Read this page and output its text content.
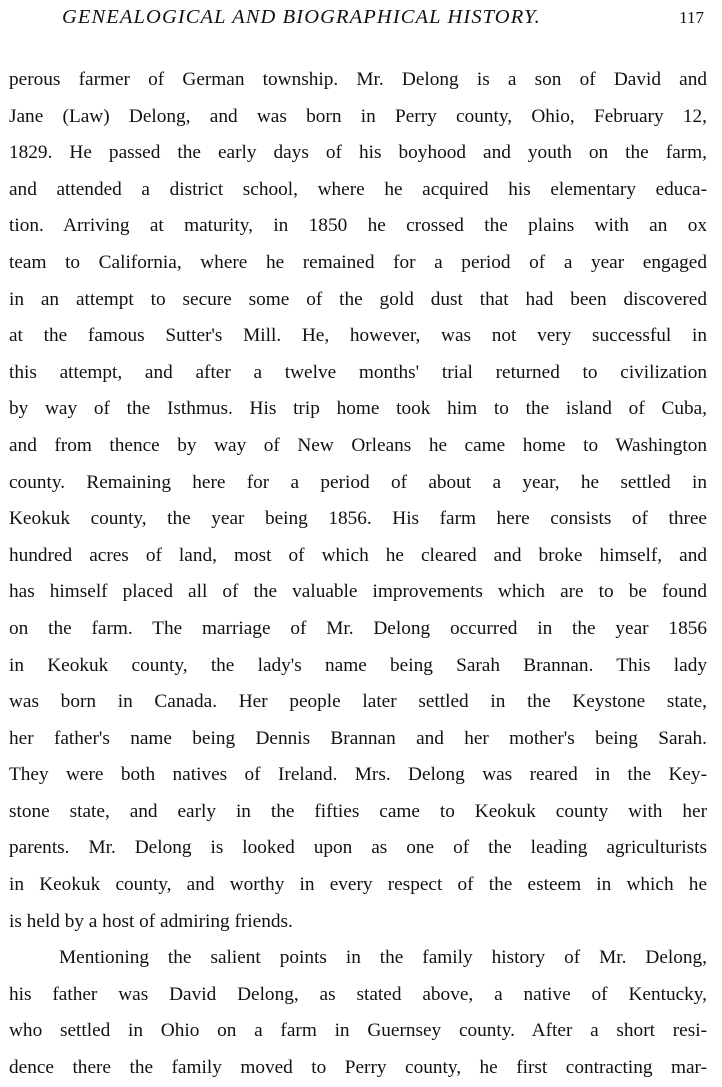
GENEALOGICAL AND BIOGRAPHICAL HISTORY.	117
perous farmer of German township. Mr. Delong is a son of David and
Jane (Law) Delong, and was born in Perry county, Ohio, February 12,
1829. He passed the early days of his boyhood and youth on the farm,
and attended a district school, where he acquired his elementary educa-
tion. Arriving at maturity, in 1850 he crossed the plains with an ox
team to California, where he remained for a period of a year engaged
in an attempt to secure some of the gold dust that had been discovered
at the famous Sutter's Mill. He, however, was not very successful in
this attempt, and after a twelve months' trial returned to civilization
by way of the Isthmus. His trip home took him to the island of Cuba,
and from thence by way of New Orleans he came home to Washington
county. Remaining here for a period of about a year, he settled in
Keokuk county, the year being 1856. His farm here consists of three
hundred acres of land, most of which he cleared and broke himself, and
has himself placed all of the valuable improvements which are to be found
on the farm. The marriage of Mr. Delong occurred in the year 1856
in Keokuk county, the lady's name being Sarah Brannan. This lady
was born in Canada. Her people later settled in the Keystone state,
her father's name being Dennis Brannan and her mother's being Sarah.
They were both natives of Ireland. Mrs. Delong was reared in the Key-
stone state, and early in the fifties came to Keokuk county with her
parents. Mr. Delong is looked upon as one of the leading agriculturists
in Keokuk county, and worthy in every respect of the esteem in which he
is held by a host of admiring friends.
Mentioning the salient points in the family history of Mr. Delong,
his father was David Delong, as stated above, a native of Kentucky,
who settled in Ohio on a farm in Guernsey county. After a short resi-
dence there the family moved to Perry county, he first contracting mar-
